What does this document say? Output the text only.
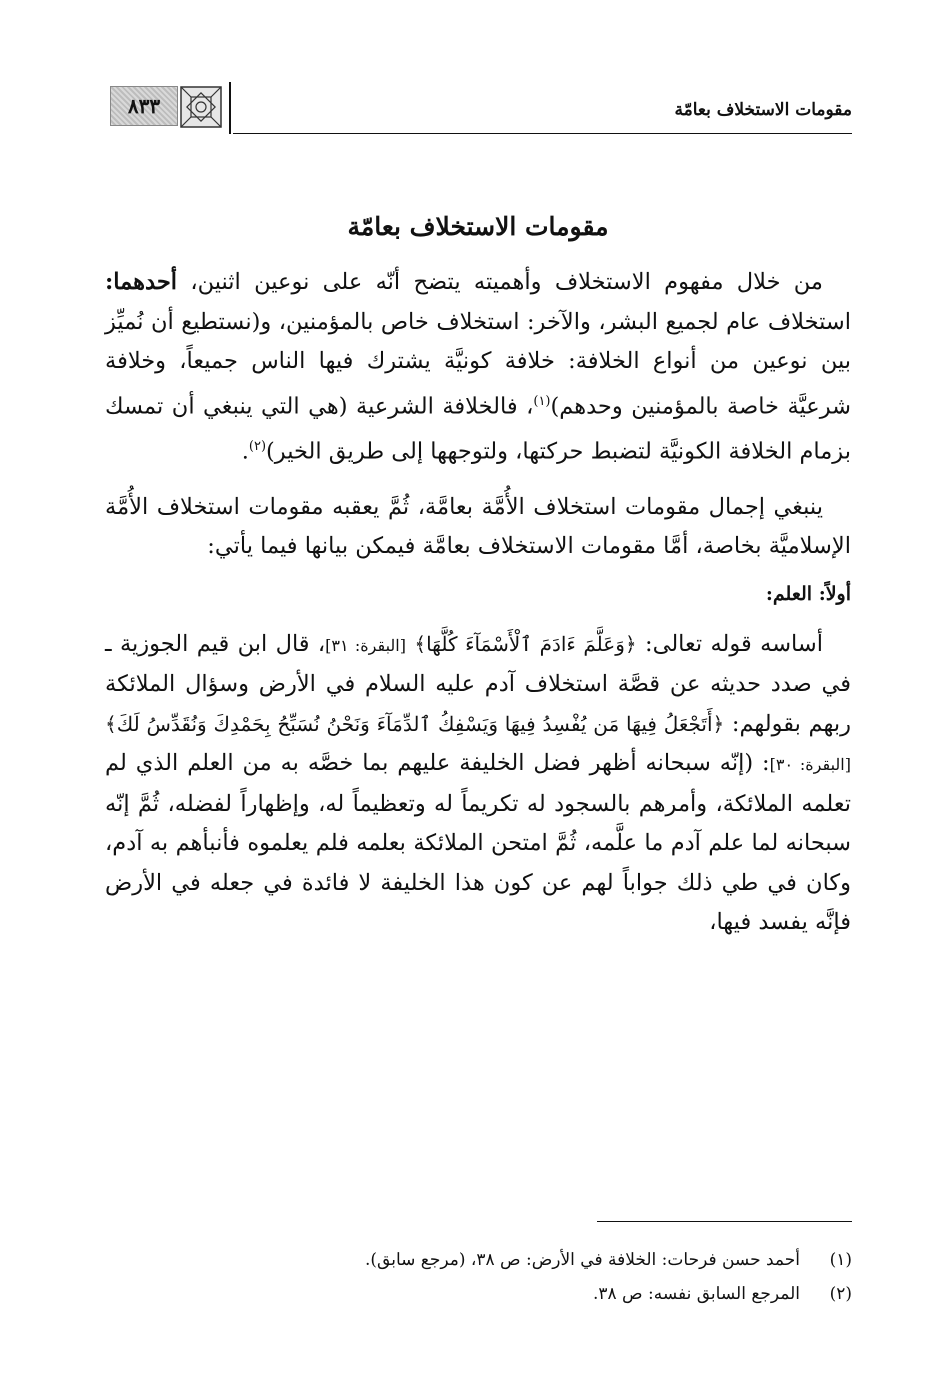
مقومات الاستخلاف بعامّة
٨٣٣
مقومات الاستخلاف بعامّة

من خلال مفهوم الاستخلاف وأهميته يتضح أنّه على نوعين اثنين، أحدهما: استخلاف عام لجميع البشر، والآخر: استخلاف خاص بالمؤمنين، و(نستطيع أن نُميِّز بين نوعين من أنواع الخلافة: خلافة كونيَّة يشترك فيها الناس جميعاً، وخلافة شرعيَّة خاصة بالمؤمنين وحدهم)$^{(١)}$، فالخلافة الشرعية (هي التي ينبغي أن تمسك بزمام الخلافة الكونيَّة لتضبط حركتها، ولتوجهها إلى طريق الخير)$^{(٢)}$.

ينبغي إجمال مقومات استخلاف الأُمَّة بعامَّة، ثُمَّ يعقبه مقومات استخلاف الأُمَّة الإسلاميَّة بخاصة، أمَّا مقومات الاستخلاف بعامَّة فيمكن بيانها فيما يأتي:

أولاً: العلم:

أساسه قوله تعالى: ﴿وَعَلَّمَ ءَادَمَ ٱلْأَسْمَآءَ كُلَّهَا﴾ [البقرة: ٣١]، قال ابن قيم الجوزية ـ في صدد حديثه عن قصَّة استخلاف آدم عليه السلام في الأرض وسؤال الملائكة ربهم بقولهم: ﴿أَتَجْعَلُ فِيهَا مَن يُفْسِدُ فِيهَا وَيَسْفِكُ ٱلدِّمَآءَ وَنَحْنُ نُسَبِّحُ بِحَمْدِكَ وَنُقَدِّسُ لَكَ﴾ [البقرة: ٣٠]: (إنّه سبحانه أظهر فضل الخليفة عليهم بما خصَّه به من العلم الذي لم تعلمه الملائكة، وأمرهم بالسجود له تكريماً له وتعظيماً له، وإظهاراً لفضله، ثُمَّ إنّه سبحانه لما علم آدم ما علَّمه، ثُمَّ امتحن الملائكة بعلمه فلم يعلموه فأنبأهم به آدم، وكان في طي ذلك جواباً لهم عن كون هذا الخليفة لا فائدة في جعله في الأرض فإنَّه يفسد فيها،

(١)أحمد حسن فرحات: الخلافة في الأرض: ص ٣٨، (مرجع سابق).
(٢)المرجع السابق نفسه: ص ٣٨.
